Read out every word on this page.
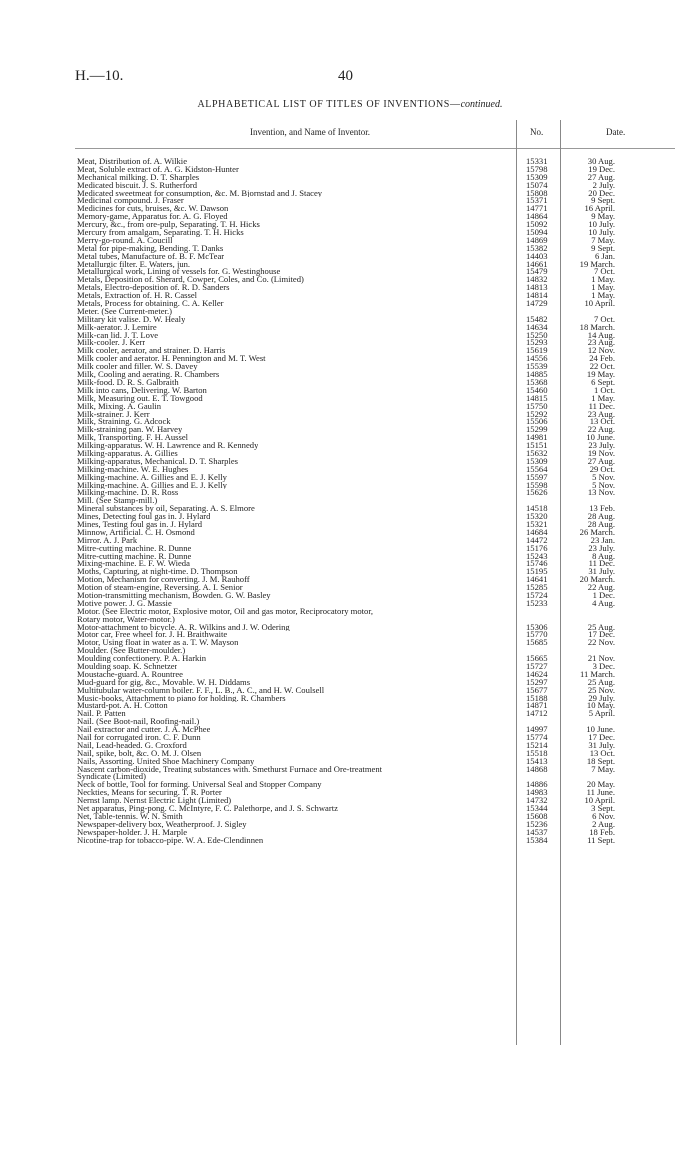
H.—10.	40
ALPHABETICAL LIST OF TITLES OF INVENTIONS—continued.
Invention, and Name of Inventor.	No.	Date.
Meat, Distribution of. A. Wilkie	15331	30 Aug.
Meat, Soluble extract of. A. G. Kidston-Hunter	15798	19 Dec.
Mechanical milking. D. T. Sharples	15309	27 Aug.
Medicated biscuit. J. S. Rutherford	15074	2 July.
Medicated sweetmeat for consumption, &c. M. Bjornstad and J. Stacey	15808	20 Dec.
Medicinal compound. J. Fraser	15371	9 Sept.
Medicines for cuts, bruises, &c. W. Dawson	14771	16 April.
Memory-game, Apparatus for. A. G. Floyed	14864	9 May.
Mercury, &c., from ore-pulp, Separating. T. H. Hicks	15092	10 July.
Mercury from amalgam, Separating. T. H. Hicks	15094	10 July.
Merry-go-round. A. Coucill	14869	7 May.
Metal for pipe-making, Bending. T. Danks	15382	9 Sept.
Metal tubes, Manufacture of. B. F. McTear	14403	6 Jan.
Metallurgic filter. E. Waters, jun.	14661	19 March.
Metallurgical work, Lining of vessels for. G. Westinghouse	15479	7 Oct.
Metals, Deposition of. Sherard, Cowper, Coles, and Co. (Limited)	14832	1 May.
Metals, Electro-deposition of. R. D. Sanders	14813	1 May.
Metals, Extraction of. H. R. Cassel	14814	1 May.
Metals, Process for obtaining. C. A. Keller	14729	10 April.
Meter. (See Current-meter.)
Military kit valise. D. W. Healy	15482	7 Oct.
Milk-aerator. J. Lemire	14634	18 March.
Milk-can lid. J. T. Love	15250	14 Aug.
Milk-cooler. J. Kerr	15293	23 Aug.
Milk cooler, aerator, and strainer. D. Harris	15619	12 Nov.
Milk cooler and aerator. H. Pennington and M. T. West	14556	24 Feb.
Milk cooler and filler. W. S. Davey	15539	22 Oct.
Milk, Cooling and aerating. R. Chambers	14885	19 May.
Milk-food. D. R. S. Galbraith	15368	6 Sept.
Milk into cans, Delivering. W. Barton	15460	1 Oct.
Milk, Measuring out. E. T. Towgood	14815	1 May.
Milk, Mixing. A. Gaulin	15750	11 Dec.
Milk-strainer. J. Kerr	15292	23 Aug.
Milk, Straining. G. Adcock	15506	13 Oct.
Milk-straining pan. W. Harvey	15299	22 Aug.
Milk, Transporting. F. H. Aussel	14981	10 June.
Milking-apparatus. W. H. Lawrence and R. Kennedy	15151	23 July.
Milking-apparatus. A. Gillies	15632	19 Nov.
Milking-apparatus, Mechanical. D. T. Sharples	15309	27 Aug.
Milking-machine. W. E. Hughes	15564	29 Oct.
Milking-machine. A. Gillies and E. J. Kelly	15597	5 Nov.
Milking-machine. A. Gillies and E. J. Kelly	15598	5 Nov.
Milking-machine. D. R. Ross	15626	13 Nov.
Mill. (See Stamp-mill.)
Mineral substances by oil, Separating. A. S. Elmore	14518	13 Feb.
Mines, Detecting foul gas in. J. Hylard	15320	28 Aug.
Mines, Testing foul gas in. J. Hylard	15321	28 Aug.
Minnow, Artificial. C. H. Osmond	14684	26 March.
Mirror. A. J. Park	14472	23 Jan.
Mitre-cutting machine. R. Dunne	15176	23 July.
Mitre-cutting machine. R. Dunne	15243	8 Aug.
Mixing-machine. E. F. W. Wieda	15746	11 Dec.
Moths, Capturing, at night-time. D. Thompson	15195	31 July.
Motion, Mechanism for converting. J. M. Rauhoff	14641	20 March.
Motion of steam-engine, Reversing. A. I. Senior	15285	22 Aug.
Motion-transmitting mechanism, Bowden. G. W. Basley	15724	1 Dec.
Motive power. J. G. Massie	15233	4 Aug.
Motor. (See Electric motor, Explosive motor, Oil and gas motor, Reciprocatory motor,
Rotary motor, Water-motor.)
Motor-attachment to bicycle. A. R. Wilkins and J. W. Odering	15306	25 Aug.
Motor car, Free wheel for. J. H. Braithwaite	15770	17 Dec.
Motor, Using float in water as a. T. W. Mayson	15685	22 Nov.
Moulder. (See Butter-moulder.)
Moulding confectionery. P. A. Harkin	15665	21 Nov.
Moulding soap. K. Schnetzer	15727	3 Dec.
Moustache-guard. A. Rountree	14624	11 March.
Mud-guard for gig, &c., Movable. W. H. Diddams	15297	25 Aug.
Multitubular water-column boiler. F. F., L. B., A. C., and H. W. Coulsell	15677	25 Nov.
Music-books, Attachment to piano for holding. R. Chambers	15188	29 July.
Mustard-pot. A. H. Cotton	14871	10 May.
Nail. P. Patten	14712	5 April.
Nail. (See Boot-nail, Roofing-nail.)
Nail extractor and cutter. J. A. McPhee	14997	10 June.
Nail for corrugated iron. C. F. Dunn	15774	17 Dec.
Nail, Lead-headed. G. Croxford	15214	31 July.
Nail, spike, bolt, &c. O. M. J. Olsen	15518	13 Oct.
Nails, Assorting. United Shoe Machinery Company	15413	18 Sept.
Nascent carbon-dioxide, Treating substances with. Smethurst Furnace and Ore-treatment	14868	7 May.
Syndicate (Limited)
Neck of bottle, Tool for forming. Universal Seal and Stopper Company	14886	20 May.
Neckties, Means for securing. T. R. Porter	14983	11 June.
Nernst lamp. Nernst Electric Light (Limited)	14732	10 April.
Net apparatus, Ping-pong. C. McIntyre, F. C. Palethorpe, and J. S. Schwartz	15344	3 Sept.
Net, Table-tennis. W. N. Smith	15608	6 Nov.
Newspaper-delivery box, Weatherproof. J. Sigley	15236	2 Aug.
Newspaper-holder. J. H. Marple	14537	18 Feb.
Nicotine-trap for tobacco-pipe. W. A. Ede-Clendinnen	15384	11 Sept.
